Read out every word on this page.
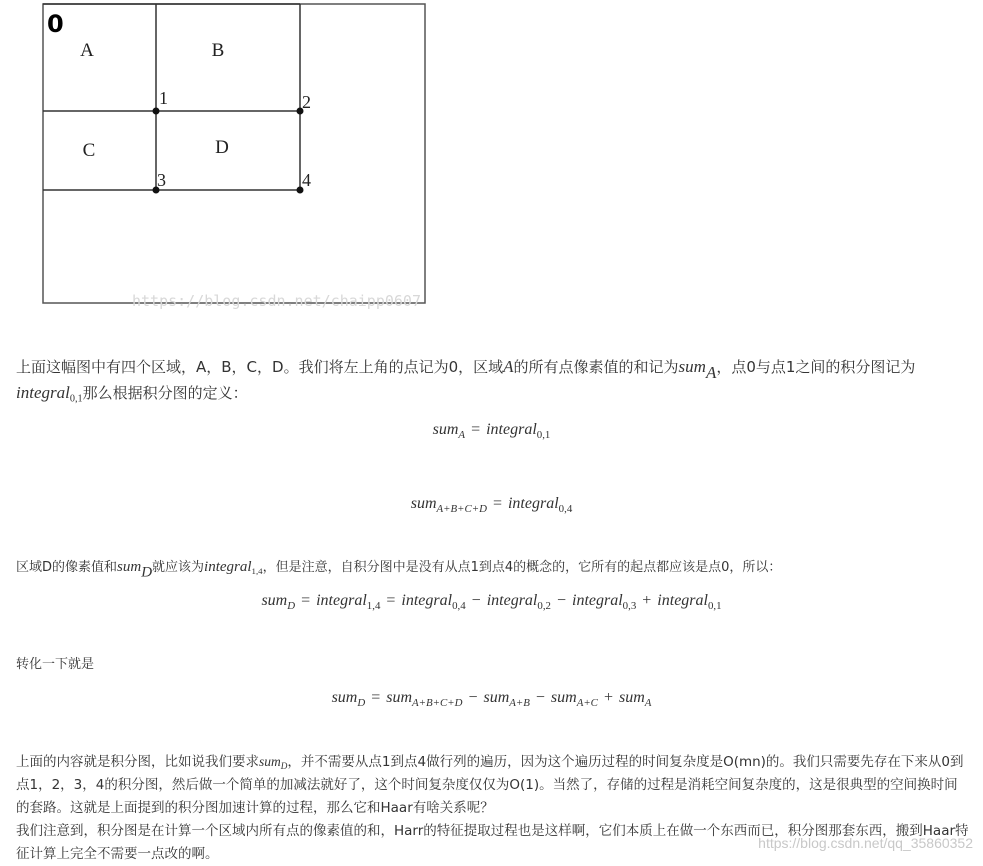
0
A	B
C	D
1	2
3	4
https://blog.csdn.net/chaipp0607

上面这幅图中有四个区域，A，B，C，D。我们将左上角的点记为0，区域A的所有点像素值的和记为sum$_A$，点0与点1之间的积分图记为integral$_{0,1}$那么根据积分图的定义：

sum$_A$ = integral$_{0,1}$
sum$_{A+B+C+D}$ = integral$_{0,4}$

区域D的像素值和sum$_D$就应该为integral$_{1,4}$，但是注意，自积分图中是没有从点1到点4的概念的，它所有的起点都应该是点0，所以：

sum$_D$ = integral$_{1,4}$ = integral$_{0,4}$ − integral$_{0,2}$ − integral$_{0,3}$ + integral$_{0,1}$

转化一下就是

sum$_D$ = sum$_{A+B+C+D}$ − sum$_{A+B}$ − sum$_{A+C}$ + sum$_A$
上面的内容就是积分图，比如说我们要求sum$_D$，并不需要从点1到点4做行列的遍历，因为这个遍历过程的时间复杂度是O(mn)的。我们只需要先存在下来从0到点1，2，3，4的积分图，然后做一个简单的加减法就好了，这个时间复杂度仅仅为O(1)。当然了，存储的过程是消耗空间复杂度的，这是很典型的空间换时间的套路。这就是上面提到的积分图加速计算的过程，那么它和Haar有啥关系呢？
我们注意到，积分图是在计算一个区域内所有点的像素值的和，Harr的特征提取过程也是这样啊，它们本质上在做一个东西而已，积分图那套东西，搬到Haar特征计算上完全不需要一点改的啊。
https://blog.csdn.net/qq_35860352
